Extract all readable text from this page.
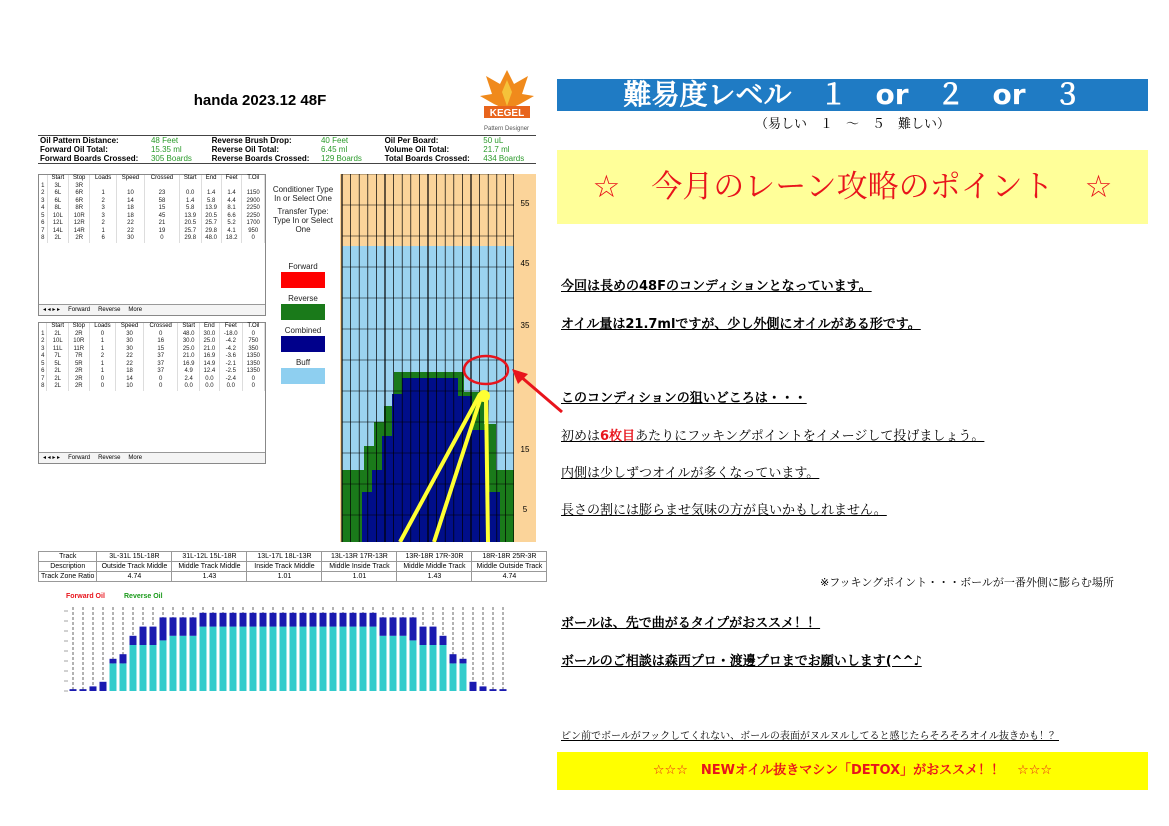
handa 2023.12 48F
KEGEL
Pattern Designer
Oil Pattern Distance:	48 Feet	Reverse Brush Drop:	40 Feet	Oil Per Board:	50 uL
Forward Oil Total:	15.35 ml	Reverse Oil Total:	6.45 ml	Volume Oil Total:	21.7 ml
Forward Boards Crossed:	305 Boards	Reverse Boards Crossed:	129 Boards	Total Boards Crossed:	434 Boards
	Start	Stop	Loads	Speed	Crossed	Start	End	Feet	T.Oil
1	3L	3R							
2	6L	6R	1	10	23	0.0	1.4	1.4	1150
3	6L	6R	2	14	58	1.4	5.8	4.4	2900
4	8L	8R	3	18	15	5.8	13.9	8.1	2250
5	10L	10R	3	18	45	13.9	20.5	6.6	2250
6	12L	12R	2	22	21	20.5	25.7	5.2	1700
7	14L	14R	1	22	19	25.7	29.8	4.1	950
8	2L	2R	6	30	0	29.8	48.0	18.2	0
◂ ◂ ▸ ▸ Forward Reverse More
	Start	Stop	Loads	Speed	Crossed	Start	End	Feet	T.Oil
1	2L	2R	0	30	0	48.0	30.0	-18.0	0
2	10L	10R	1	30	16	30.0	25.0	-4.2	750
3	11L	11R	1	30	15	25.0	21.0	-4.2	350
4	7L	7R	2	22	37	21.0	16.9	-3.6	1350
5	5L	5R	1	22	37	16.9	14.9	-2.1	1350
6	2L	2R	1	18	37	4.9	12.4	-2.5	1350
7	2L	2R	0	14	0	2.4	0.0	-2.4	0
8	2L	2R	0	10	0	0.0	0.0	0.0	0
◂ ◂ ▸ ▸ Forward Reverse More
Conditioner Type In or Select One
Transfer Type: Type In or Select One
Forward
Reverse
Combined
Buff
55
45
35
15
5
Track	3L-31L 15L-18R	31L-12L 15L-18R	13L-17L 18L-13R	13L-13R 17R-13R	13R-18R 17R-30R	18R-18R 25R-3R
Description	Outside Track Middle	Middle Track Middle	Inside Track Middle	Middle Inside Track	Middle Middle Track	Middle Outside Track
Track Zone Ratio	4.74	1.43	1.01	1.01	1.43	4.74
Forward Oil	Reverse Oil
難易度レベル　１　or　２　or　３
（易しい　１　～　５　難しい）
☆　今月のレーン攻略のポイント　☆
今回は長めの48Fのコンディションとなっています。
オイル量は21.7mlですが、少し外側にオイルがある形です。
このコンディションの狙いどころは・・・
初めは6枚目あたりにフッキングポイントをイメージして投げましょう。
内側は少しずつオイルが多くなっています。
長さの割には膨らませ気味の方が良いかもしれません。
※フッキングポイント・・・ボールが一番外側に膨らむ場所
ボールは、先で曲がるタイプがおススメ！！
ボールのご相談は森西プロ・渡邊プロまでお願いします(^^♪
ピン前でボールがフックしてくれない、ボールの表面がヌルヌルしてると感じたらそろそろオイル抜きかも！？
☆☆☆　NEWオイル抜きマシン「DETOX」がおススメ！！　☆☆☆
